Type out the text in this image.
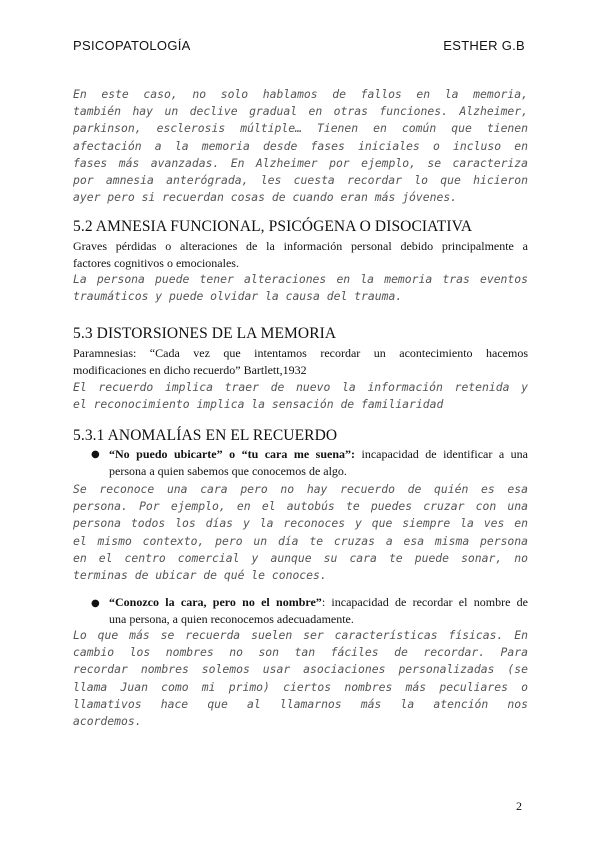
PSICOPATOLOGÍA	ESTHER G.B
En este caso, no solo hablamos de fallos en la memoria,
también hay un declive gradual en otras funciones. Alzheimer,
parkinson, esclerosis múltiple… Tienen en común que tienen
afectación a la memoria desde fases iniciales o incluso en
fases más avanzadas. En Alzheimer por ejemplo, se caracteriza
por amnesia anterógrada, les cuesta recordar lo que hicieron
ayer pero si recuerdan cosas de cuando eran más jóvenes.
5.2 AMNESIA FUNCIONAL, PSICÓGENA O DISOCIATIVA
Graves pérdidas o alteraciones de la información personal debido principalmente a
factores cognitivos o emocionales.
La persona puede tener alteraciones en la memoria tras eventos
traumáticos y puede olvidar la causa del trauma.
5.3 DISTORSIONES DE LA MEMORIA
Paramnesias: “Cada vez que intentamos recordar un acontecimiento hacemos
modificaciones en dicho recuerdo” Bartlett,1932
El recuerdo implica traer de nuevo la información retenida y
el reconocimiento implica la sensación de familiaridad
5.3.1 ANOMALÍAS EN EL RECUERDO
● “No puedo ubicarte” o “tu cara me suena”: incapacidad de identificar a una
persona a quien sabemos que conocemos de algo.
Se reconoce una cara pero no hay recuerdo de quién es esa
persona. Por ejemplo, en el autobús te puedes cruzar con una
persona todos los días y la reconoces y que siempre la ves en
el mismo contexto, pero un día te cruzas a esa misma persona
en el centro comercial y aunque su cara te puede sonar, no
terminas de ubicar de qué le conoces.
● “Conozco la cara, pero no el nombre”: incapacidad de recordar el nombre de
una persona, a quien reconocemos adecuadamente.
Lo que más se recuerda suelen ser características físicas. En
cambio los nombres no son tan fáciles de recordar. Para
recordar nombres solemos usar asociaciones personalizadas (se
llama Juan como mi primo) ciertos nombres más peculiares o
llamativos hace que al llamarnos más la atención nos
acordemos.
2
